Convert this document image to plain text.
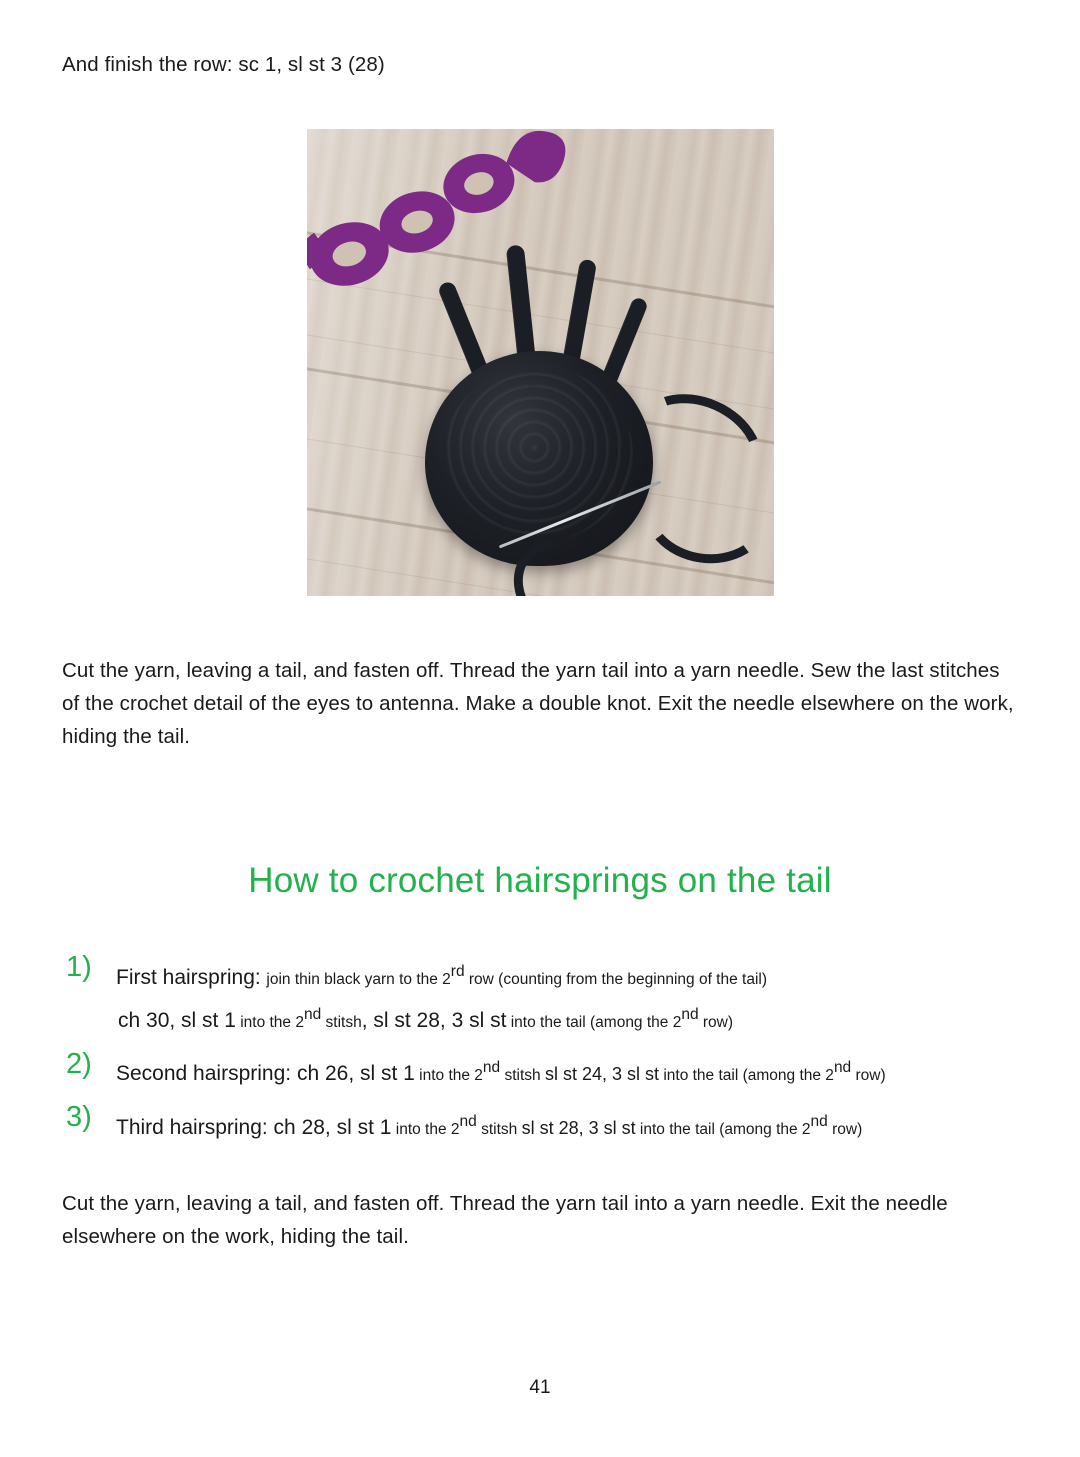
And finish the row: sc 1, sl st 3 (28)

Cut the yarn, leaving a tail, and fasten off. Thread the yarn tail into a yarn needle. Sew the last stitches of the crochet detail of the eyes to antenna. Make a double knot. Exit the needle elsewhere on the work, hiding the tail.

How to crochet hairsprings on the tail
1) First hairspring: join thin black yarn to the 2rd row (counting from the beginning of the tail)
ch 30, sl st 1 into the 2nd stitsh, sl st 28, 3 sl st into the tail (among the 2nd row)
2) Second hairspring: ch 26, sl st 1 into the 2nd stitsh sl st 24, 3 sl st into the tail (among the 2nd row)
3) Third hairspring: ch 28, sl st 1 into the 2nd stitsh sl st 28, 3 sl st into the tail (among the 2nd row)

Cut the yarn, leaving a tail, and fasten off. Thread the yarn tail into a yarn needle. Exit the needle elsewhere on the work, hiding the tail.

41
